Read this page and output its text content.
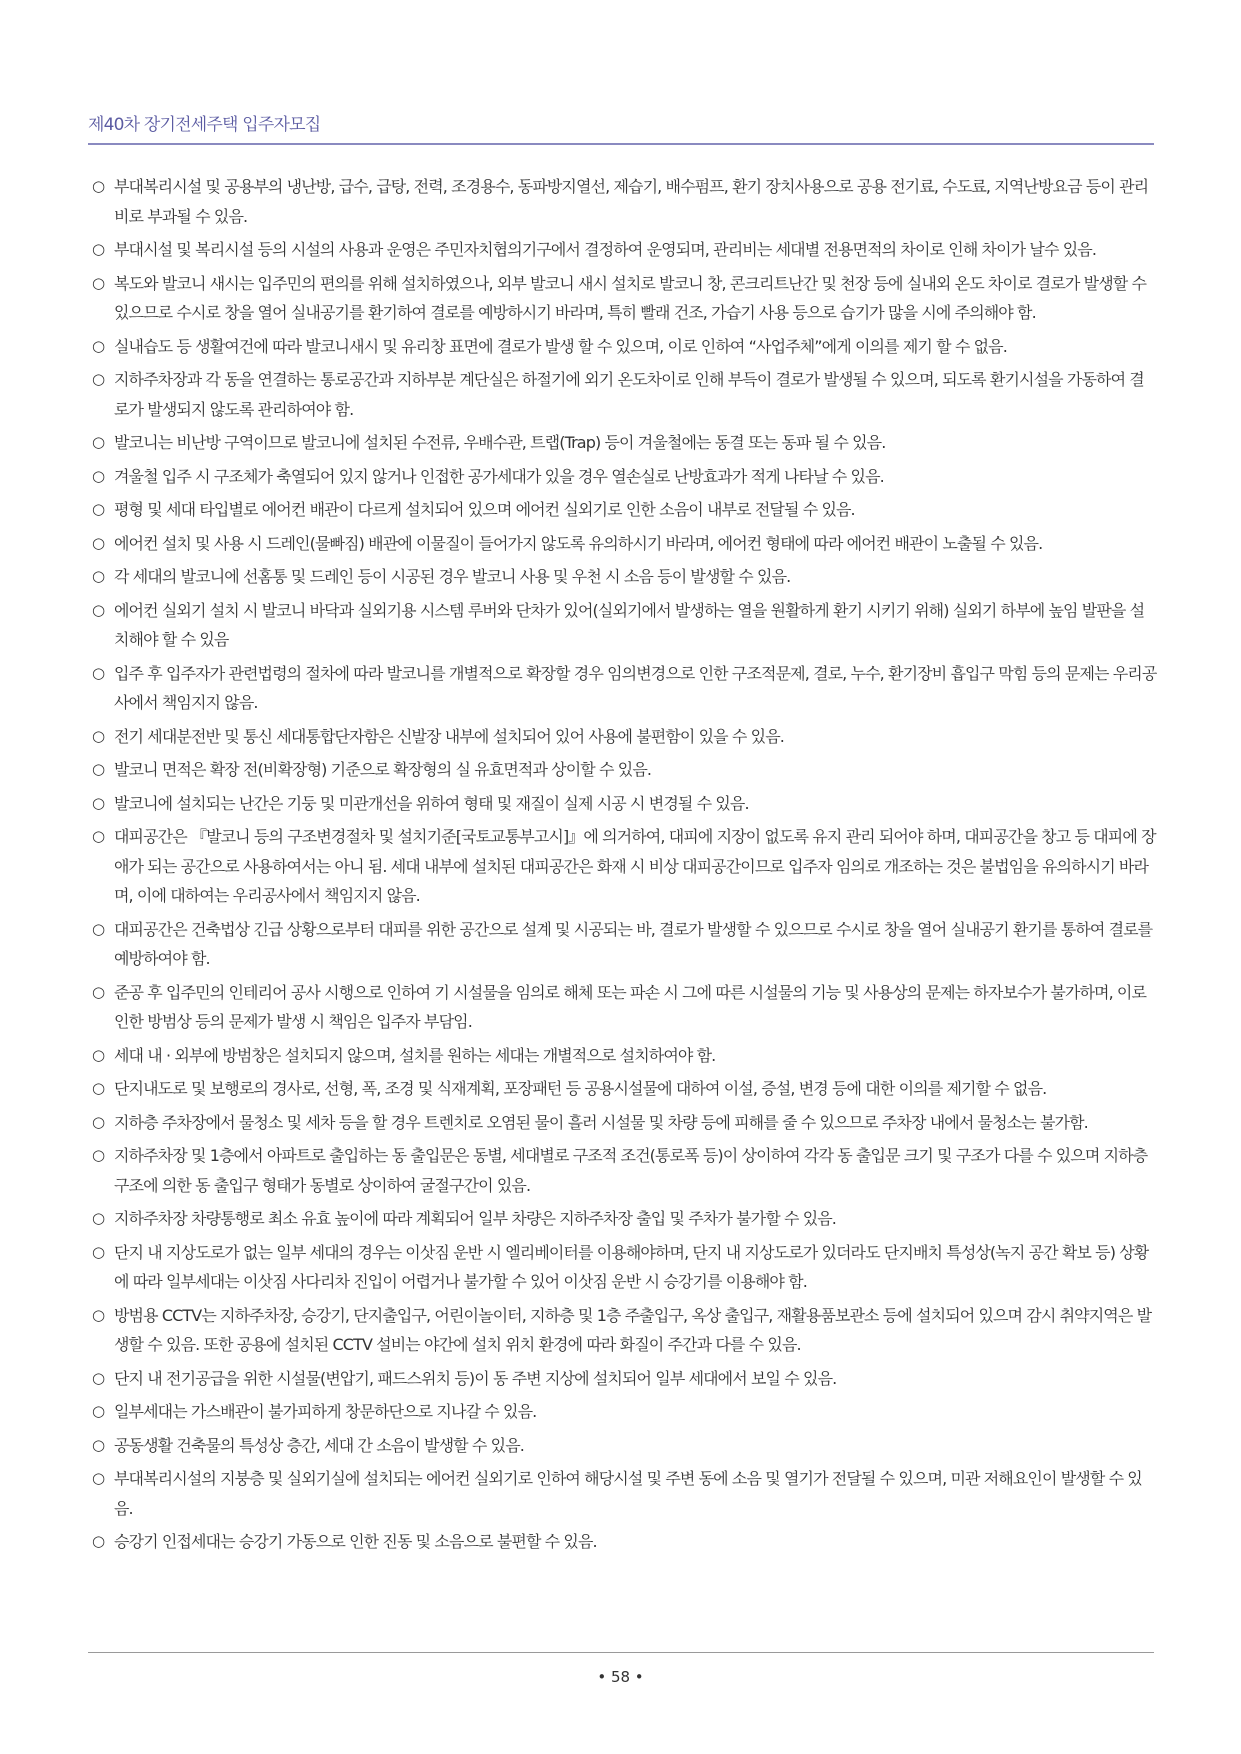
제40차 장기전세주택 입주자모집
○ 부대복리시설 및 공용부의 냉난방, 급수, 급탕, 전력, 조경용수, 동파방지열선, 제습기, 배수펌프, 환기 장치사용으로 공용 전기료, 수도료, 지역난방요금 등이 관리비로 부과될 수 있음.
○ 부대시설 및 복리시설 등의 시설의 사용과 운영은 주민자치협의기구에서 결정하여 운영되며, 관리비는 세대별 전용면적의 차이로 인해 차이가 날수 있음.
○ 복도와 발코니 새시는 입주민의 편의를 위해 설치하였으나, 외부 발코니 새시 설치로 발코니 창, 콘크리트난간 및 천장 등에 실내외 온도 차이로 결로가 발생할 수 있으므로 수시로 창을 열어 실내공기를 환기하여 결로를 예방하시기 바라며, 특히 빨래 건조, 가습기 사용 등으로 습기가 많을 시에 주의해야 함.
○ 실내습도 등 생활여건에 따라 발코니새시 및 유리창 표면에 결로가 발생 할 수 있으며, 이로 인하여 “사업주체”에게 이의를 제기 할 수 없음.
○ 지하주차장과 각 동을 연결하는 통로공간과 지하부분 계단실은 하절기에 외기 온도차이로 인해 부득이 결로가 발생될 수 있으며, 되도록 환기시설을 가동하여 결로가 발생되지 않도록 관리하여야 함.
○ 발코니는 비난방 구역이므로 발코니에 설치된 수전류, 우배수관, 트랩(Trap) 등이 겨울철에는 동결 또는 동파 될 수 있음.
○ 겨울철 입주 시 구조체가 축열되어 있지 않거나 인접한 공가세대가 있을 경우 열손실로 난방효과가 적게 나타날 수 있음.
○ 평형 및 세대 타입별로 에어컨 배관이 다르게 설치되어 있으며 에어컨 실외기로 인한 소음이 내부로 전달될 수 있음.
○ 에어컨 설치 및 사용 시 드레인(물빠짐) 배관에 이물질이 들어가지 않도록 유의하시기 바라며, 에어컨 형태에 따라 에어컨 배관이 노출될 수 있음.
○ 각 세대의 발코니에 선홈통 및 드레인 등이 시공된 경우 발코니 사용 및 우천 시 소음 등이 발생할 수 있음.
○ 에어컨 실외기 설치 시 발코니 바닥과 실외기용 시스템 루버와 단차가 있어(실외기에서 발생하는 열을 원활하게 환기 시키기 위해) 실외기 하부에 높임 발판을 설치해야 할 수 있음
○ 입주 후 입주자가 관련법령의 절차에 따라 발코니를 개별적으로 확장할 경우 임의변경으로 인한 구조적문제, 결로, 누수, 환기장비 흡입구 막힘 등의 문제는 우리공사에서 책임지지 않음.
○ 전기 세대분전반 및 통신 세대통합단자함은 신발장 내부에 설치되어 있어 사용에 불편함이 있을 수 있음.
○ 발코니 면적은 확장 전(비확장형) 기준으로 확장형의 실 유효면적과 상이할 수 있음.
○ 발코니에 설치되는 난간은 기둥 및 미관개선을 위하여 형태 및 재질이 실제 시공 시 변경될 수 있음.
○ 대피공간은 『발코니 등의 구조변경절차 및 설치기준[국토교통부고시]』에 의거하여, 대피에 지장이 없도록 유지 관리 되어야 하며, 대피공간을 창고 등 대피에 장애가 되는 공간으로 사용하여서는 아니 됨. 세대 내부에 설치된 대피공간은 화재 시 비상 대피공간이므로 입주자 임의로 개조하는 것은 불법임을 유의하시기 바라며, 이에 대하여는 우리공사에서 책임지지 않음.
○ 대피공간은 건축법상 긴급 상황으로부터 대피를 위한 공간으로 설계 및 시공되는 바, 결로가 발생할 수 있으므로 수시로 창을 열어 실내공기 환기를 통하여 결로를 예방하여야 함.
○ 준공 후 입주민의 인테리어 공사 시행으로 인하여 기 시설물을 임의로 해체 또는 파손 시 그에 따른 시설물의 기능 및 사용상의 문제는 하자보수가 불가하며, 이로 인한 방범상 등의 문제가 발생 시 책임은 입주자 부담임.
○ 세대 내 · 외부에 방범창은 설치되지 않으며, 설치를 원하는 세대는 개별적으로 설치하여야 함.
○ 단지내도로 및 보행로의 경사로, 선형, 폭, 조경 및 식재계획, 포장패턴 등 공용시설물에 대하여 이설, 증설, 변경 등에 대한 이의를 제기할 수 없음.
○ 지하층 주차장에서 물청소 및 세차 등을 할 경우 트렌치로 오염된 물이 흘러 시설물 및 차량 등에 피해를 줄 수 있으므로 주차장 내에서 물청소는 불가함.
○ 지하주차장 및 1층에서 아파트로 출입하는 동 출입문은 동별, 세대별로 구조적 조건(통로폭 등)이 상이하여 각각 동 출입문 크기 및 구조가 다를 수 있으며 지하층 구조에 의한 동 출입구 형태가 동별로 상이하여 굴절구간이 있음.
○ 지하주차장 차량통행로 최소 유효 높이에 따라 계획되어 일부 차량은 지하주차장 출입 및 주차가 불가할 수 있음.
○ 단지 내 지상도로가 없는 일부 세대의 경우는 이삿짐 운반 시 엘리베이터를 이용해야하며, 단지 내 지상도로가 있더라도 단지배치 특성상(녹지 공간 확보 등) 상황에 따라 일부세대는 이삿짐 사다리차 진입이 어렵거나 불가할 수 있어 이삿짐 운반 시 승강기를 이용해야 함.
○ 방범용 CCTV는 지하주차장, 승강기, 단지출입구, 어린이놀이터, 지하층 및 1층 주출입구, 옥상 출입구, 재활용품보관소 등에 설치되어 있으며 감시 취약지역은 발생할 수 있음. 또한 공용에 설치된 CCTV 설비는 야간에 설치 위치 환경에 따라 화질이 주간과 다를 수 있음.
○ 단지 내 전기공급을 위한 시설물(변압기, 패드스위치 등)이 동 주변 지상에 설치되어 일부 세대에서 보일 수 있음.
○ 일부세대는 가스배관이 불가피하게 창문하단으로 지나갈 수 있음.
○ 공동생활 건축물의 특성상 층간, 세대 간 소음이 발생할 수 있음.
○ 부대복리시설의 지붕층 및 실외기실에 설치되는 에어컨 실외기로 인하여 해당시설 및 주변 동에 소음 및 열기가 전달될 수 있으며, 미관 저해요인이 발생할 수 있음.
○ 승강기 인접세대는 승강기 가동으로 인한 진동 및 소음으로 불편할 수 있음.
• 58 •
